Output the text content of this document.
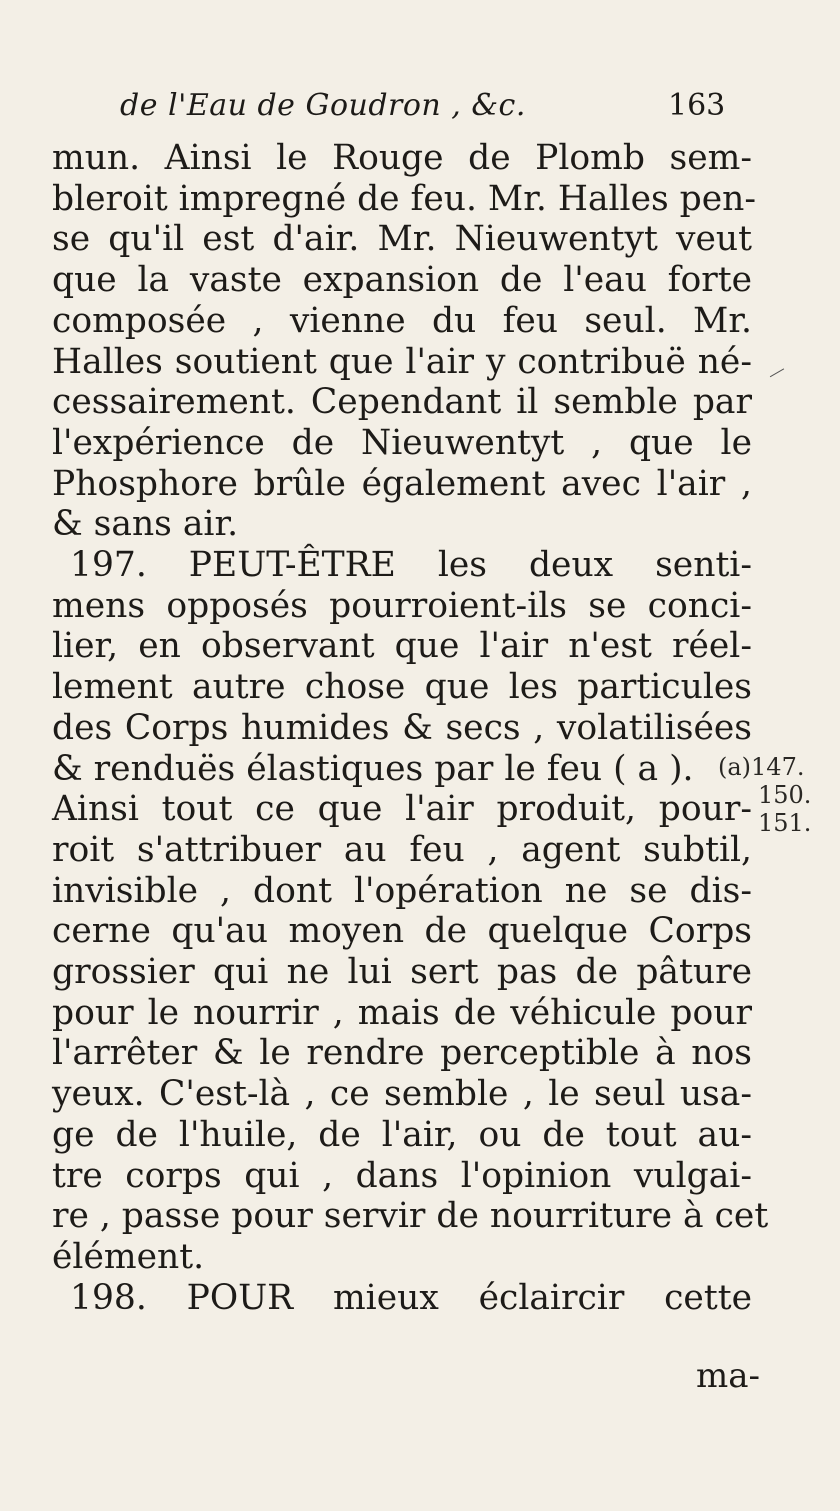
de l'Eau de Goudron , &c.	163
mun. Ainsi le Rouge de Plomb sem-
bleroit impregné de feu. Mr. Halles pen-
se qu'il est d'air. Mr. Nieuwentyt veut
que la vaste expansion de l'eau forte
composée , vienne du feu seul. Mr.
Halles soutient que l'air y contribuë né-
cessairement. Cependant il semble par
l'expérience de Nieuwentyt , que le
Phosphore brûle également avec l'air ,
& sans air.
197. PEUT-ÊTRE les deux senti-
mens opposés pourroient-ils se conci-
lier, en observant que l'air n'est réel-
lement autre chose que les particules
des Corps humides & secs , volatilisées
& renduës élastiques par le feu ( a ).
Ainsi tout ce que l'air produit, pour-
roit s'attribuer au feu , agent subtil,
invisible , dont l'opération ne se dis-
cerne qu'au moyen de quelque Corps
grossier qui ne lui sert pas de pâture
pour le nourrir , mais de véhicule pour
l'arrêter & le rendre perceptible à nos
yeux. C'est-là , ce semble , le seul usa-
ge de l'huile, de l'air, ou de tout au-
tre corps qui , dans l'opinion vulgai-
re , passe pour servir de nourriture à cet
élément.
198. POUR mieux éclaircir cette
(a)147.
150.
151.
ma-
